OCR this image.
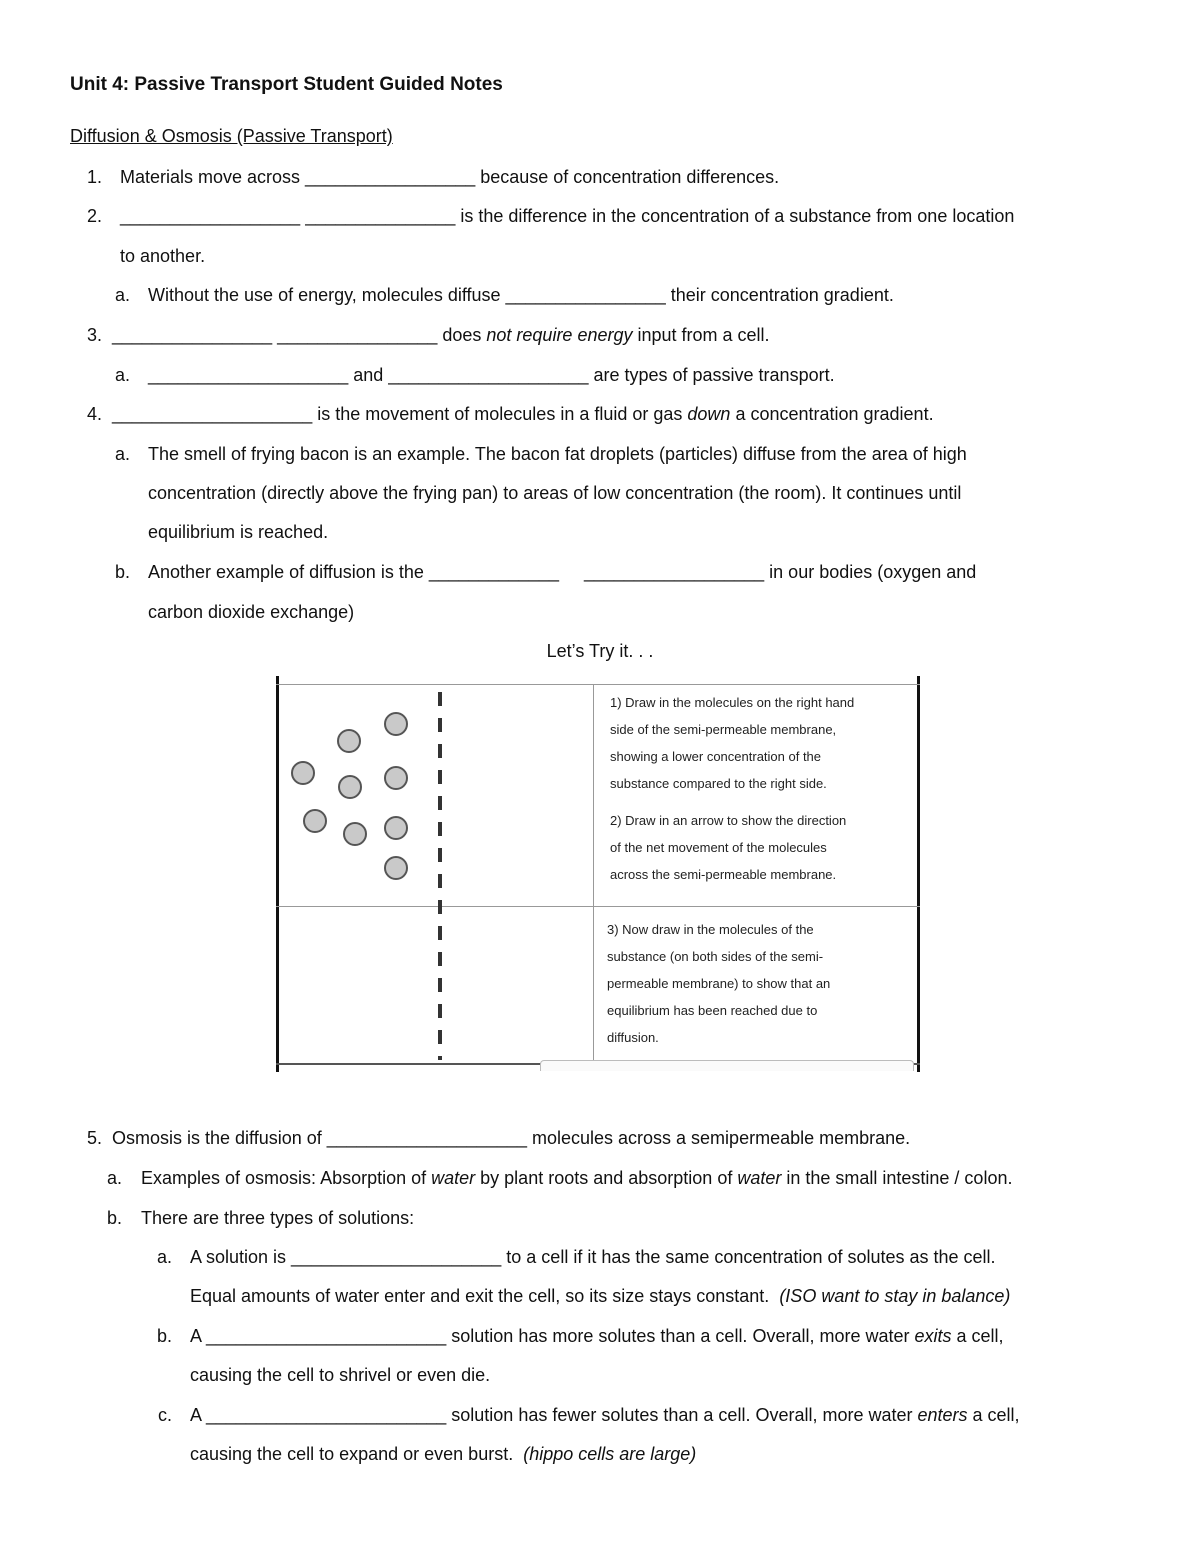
Unit 4: Passive Transport Student Guided Notes
Diffusion & Osmosis (Passive Transport)
1. Materials move across _________________ because of concentration differences.
2. __________________ _______________ is the difference in the concentration of a substance from one location
to another.
a. Without the use of energy, molecules diffuse ________________ their concentration gradient.
3. ________________ ________________ does not require energy input from a cell.
a. ____________________ and ____________________ are types of passive transport.
4. ____________________ is the movement of molecules in a fluid or gas down a concentration gradient.
a. The smell of frying bacon is an example. The bacon fat droplets (particles) diffuse from the area of high
concentration (directly above the frying pan) to areas of low concentration (the room). It continues until
equilibrium is reached.
b. Another example of diffusion is the _____________     __________________ in our bodies (oxygen and
carbon dioxide exchange)
Let’s Try it. . .
1) Draw in the molecules on the right hand
side of the semi-permeable membrane,
showing a lower concentration of the
substance compared to the right side.
2) Draw in an arrow to show the direction
of the net movement of the molecules
across the semi-permeable membrane.
3) Now draw in the molecules of the
substance (on both sides of the semi-
permeable membrane) to show that an
equilibrium has been reached due to
diffusion.
5. Osmosis is the diffusion of ____________________ molecules across a semipermeable membrane.
a. Examples of osmosis: Absorption of water by plant roots and absorption of water in the small intestine / colon.
b. There are three types of solutions:
a. A solution is _____________________ to a cell if it has the same concentration of solutes as the cell.
Equal amounts of water enter and exit the cell, so its size stays constant.  (ISO want to stay in balance)
b. A ________________________ solution has more solutes than a cell. Overall, more water exits a cell,
causing the cell to shrivel or even die.
c. A ________________________ solution has fewer solutes than a cell. Overall, more water enters a cell,
causing the cell to expand or even burst.  (hippo cells are large)
